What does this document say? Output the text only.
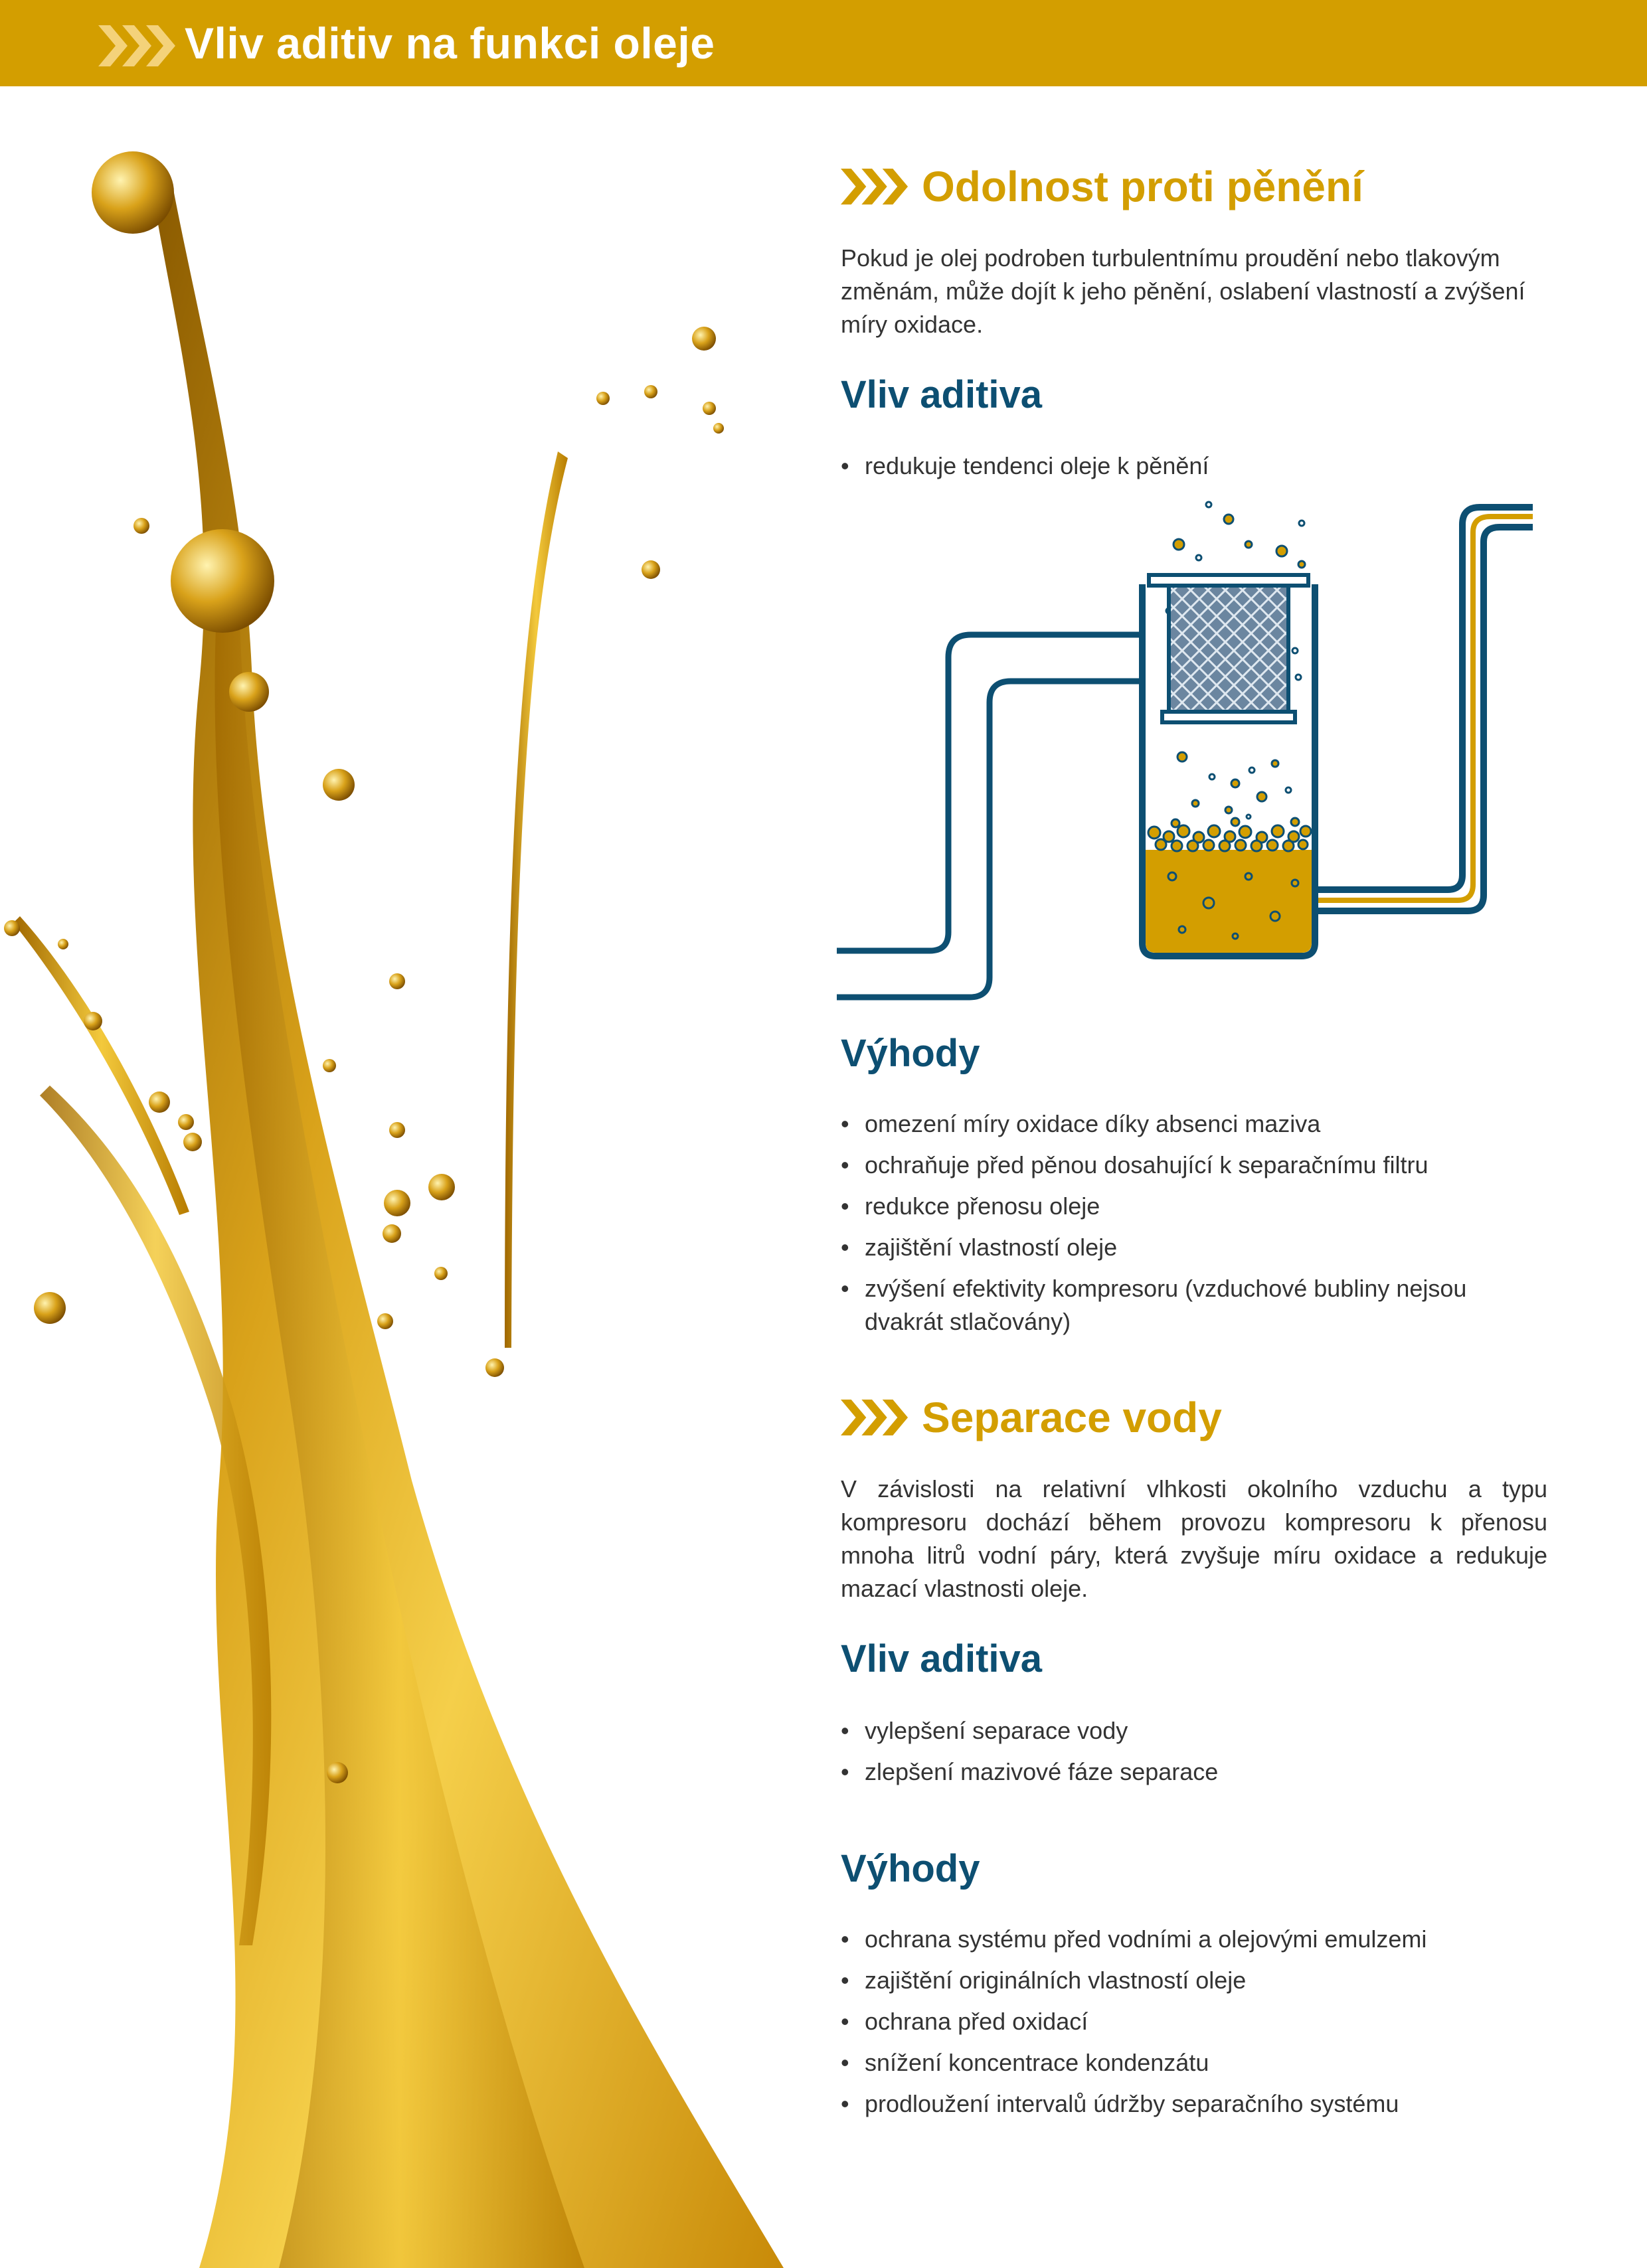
Vliv aditiv na funkci oleje
Odolnost proti pěnění

Pokud je olej podroben turbulentnímu proudění nebo tlakovým změnám, může dojít k jeho pěnění, oslabení vlastností a zvýšení míry oxidace.

Vliv aditiva
• redukuje tendenci oleje k pěnění
Výhody
• omezení míry oxidace díky absenci maziva
• ochraňuje před pěnou dosahující k separačnímu filtru
• redukce přenosu oleje
• zajištění vlastností oleje
• zvýšení efektivity kompresoru (vzduchové bubliny nejsou dvakrát stlačovány)
Separace vody

V závislosti na relativní vlhkosti okolního vzduchu a typu kompresoru dochází během provozu kompresoru k přenosu mnoha litrů vodní páry, která zvyšuje míru oxidace a redukuje mazací vlastnosti oleje.

Vliv aditiva
• vylepšení separace vody
• zlepšení mazivové fáze separace
Výhody
• ochrana systému před vodními a olejovými emulzemi
• zajištění originálních vlastností oleje
• ochrana před oxidací
• snížení koncentrace kondenzátu
• prodloužení intervalů údržby separačního systému
